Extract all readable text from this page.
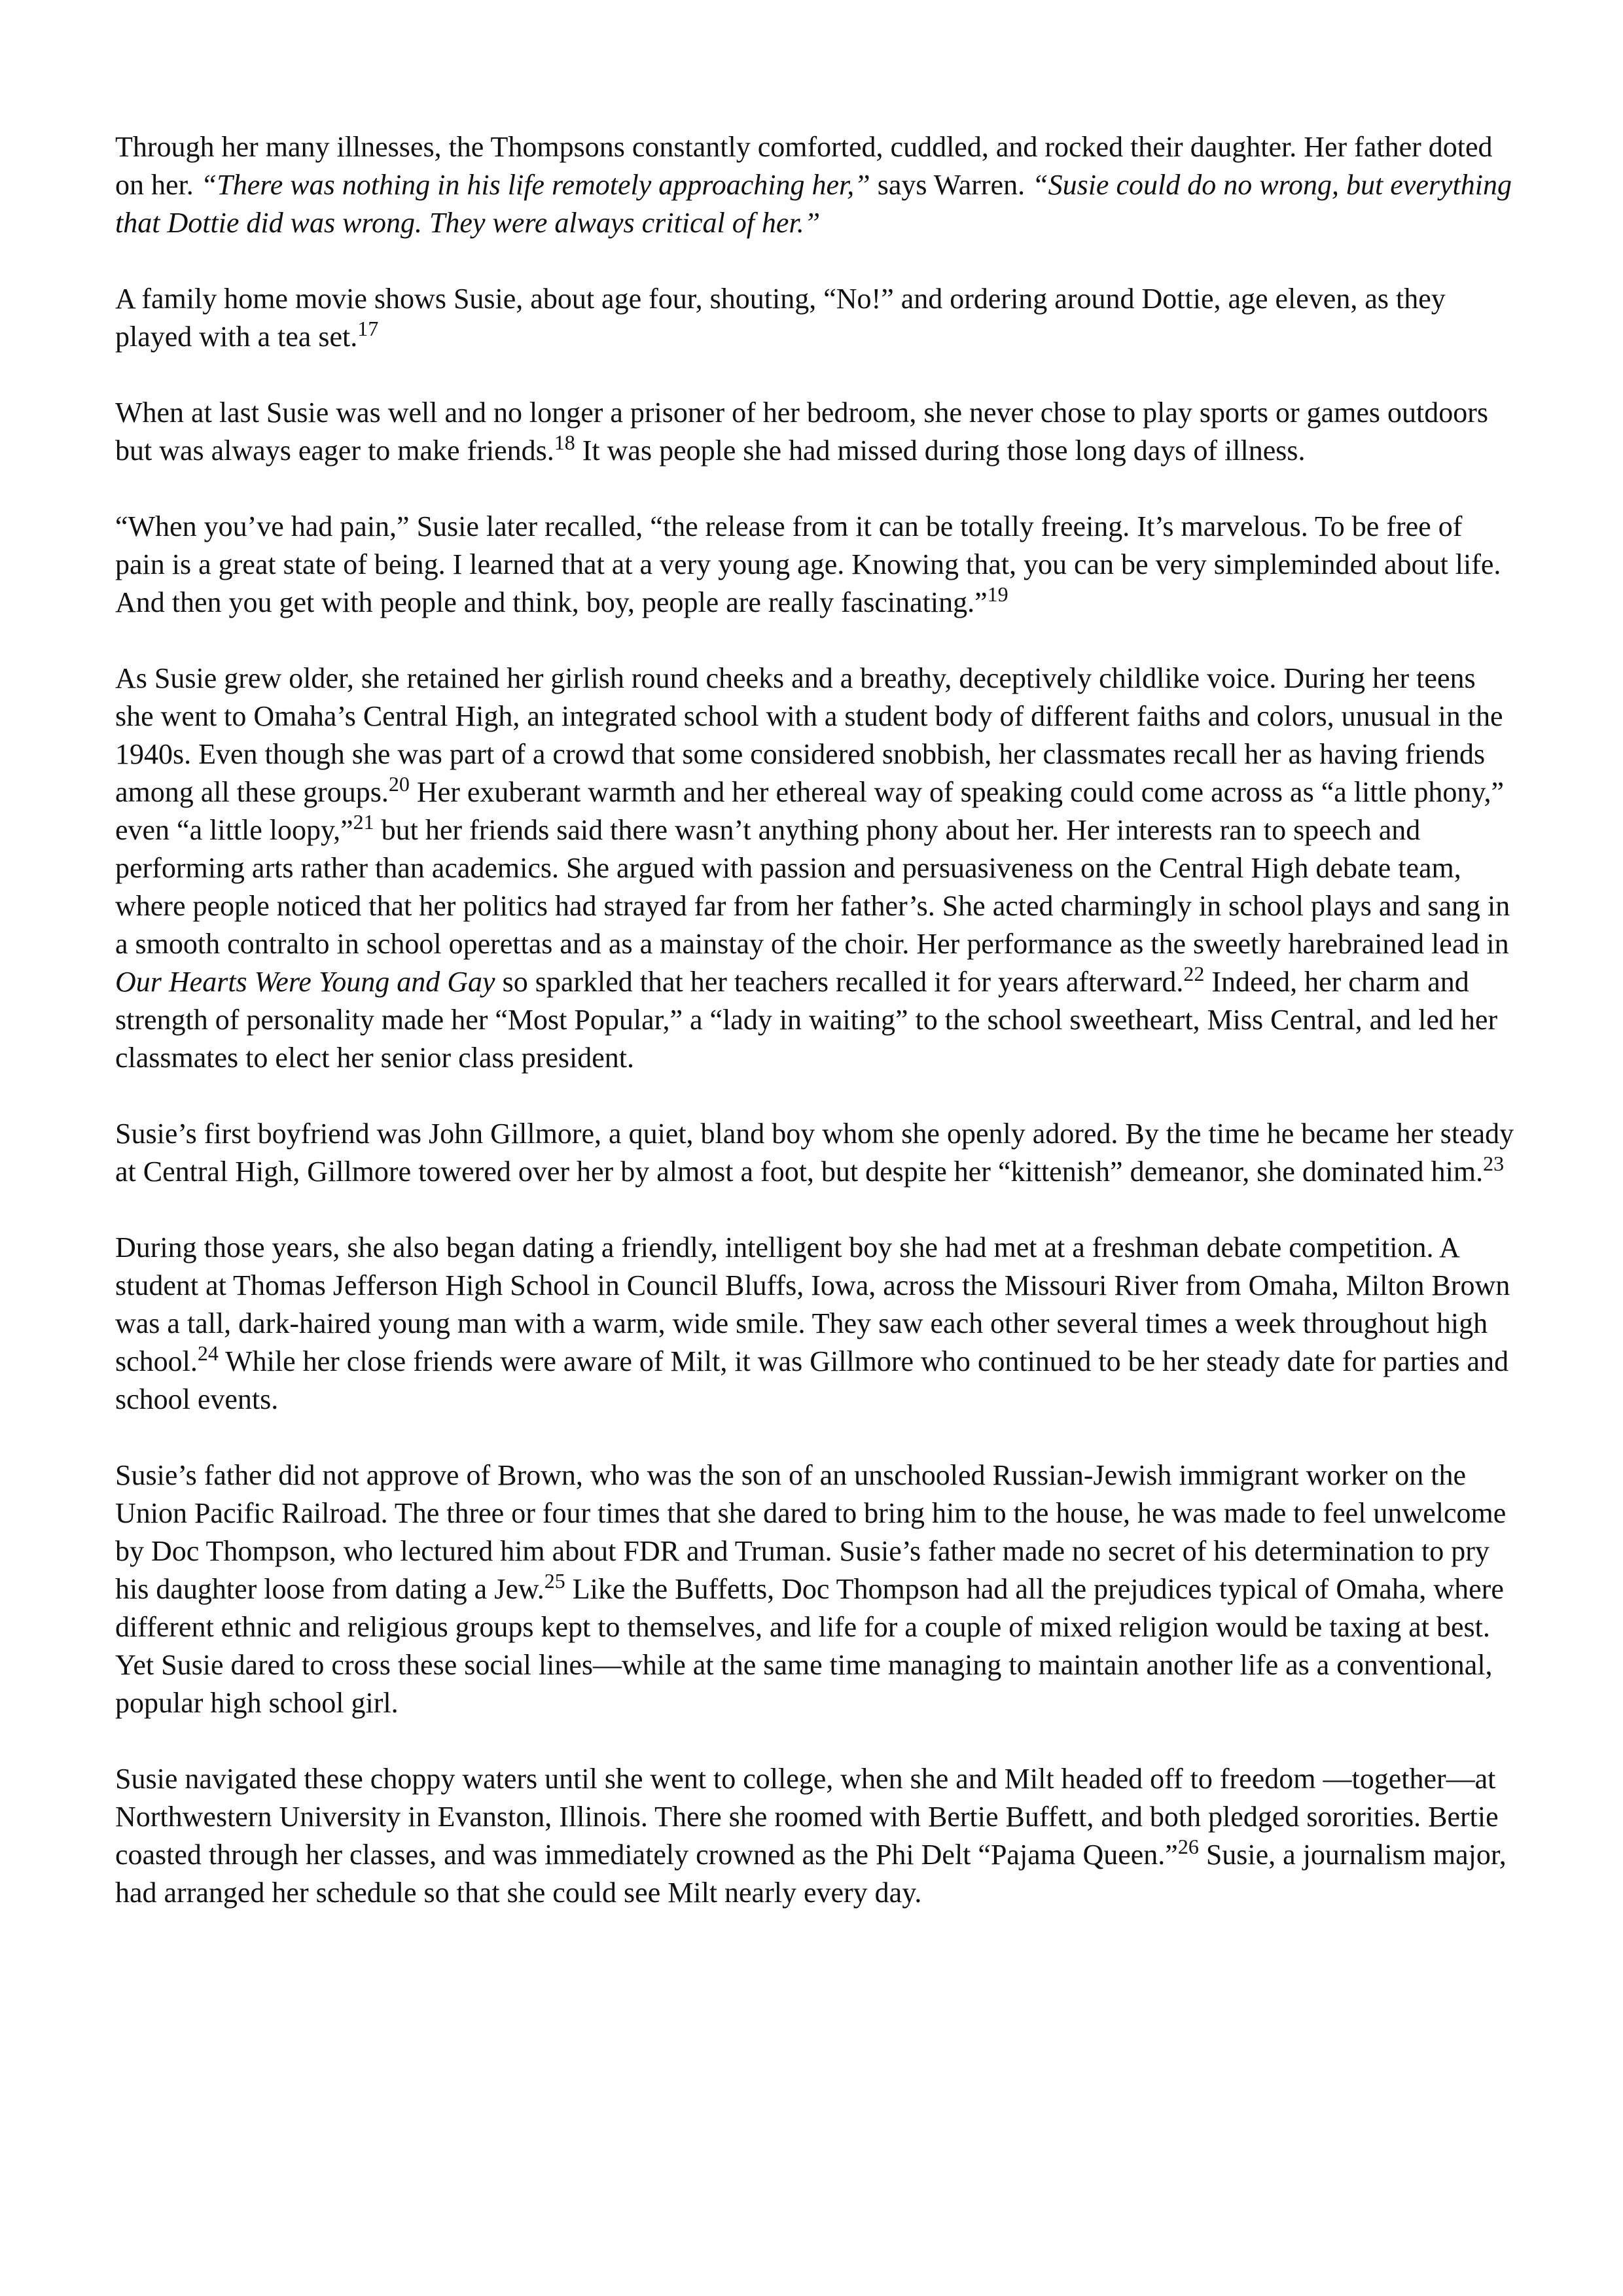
Through her many illnesses, the Thompsons constantly comforted, cuddled, and rocked their daughter. Her father doted on her. “There was nothing in his life remotely approaching her,” says Warren. “Susie could do no wrong, but everything that Dottie did was wrong. They were always critical of her.”

A family home movie shows Susie, about age four, shouting, “No!” and ordering around Dottie, age eleven, as they played with a tea set.$^{17}$

When at last Susie was well and no longer a prisoner of her bedroom, she never chose to play sports or games outdoors but was always eager to make friends.$^{18}$ It was people she had missed during those long days of illness.

“When you’ve had pain,” Susie later recalled, “the release from it can be totally freeing. It’s marvelous. To be free of pain is a great state of being. I learned that at a very young age. Knowing that, you can be very simpleminded about life. And then you get with people and think, boy, people are really fascinating.”$^{19}$

As Susie grew older, she retained her girlish round cheeks and a breathy, deceptively childlike voice. During her teens she went to Omaha’s Central High, an integrated school with a student body of different faiths and colors, unusual in the 1940s. Even though she was part of a crowd that some considered snobbish, her classmates recall her as having friends among all these groups.$^{20}$ Her exuberant warmth and her ethereal way of speaking could come across as “a little phony,” even “a little loopy,”$^{21}$ but her friends said there wasn’t anything phony about her. Her interests ran to speech and performing arts rather than academics. She argued with passion and persuasiveness on the Central High debate team, where people noticed that her politics had strayed far from her father’s. She acted charmingly in school plays and sang in a smooth contralto in school operettas and as a mainstay of the choir. Her performance as the sweetly harebrained lead in Our Hearts Were Young and Gay so sparkled that her teachers recalled it for years afterward.$^{22}$ Indeed, her charm and strength of personality made her “Most Popular,” a “lady in waiting” to the school sweetheart, Miss Central, and led her classmates to elect her senior class president.

Susie’s first boyfriend was John Gillmore, a quiet, bland boy whom she openly adored. By the time he became her steady at Central High, Gillmore towered over her by almost a foot, but despite her “kittenish” demeanor, she dominated him.$^{23}$

During those years, she also began dating a friendly, intelligent boy she had met at a freshman debate competition. A student at Thomas Jefferson High School in Council Bluffs, Iowa, across the Missouri River from Omaha, Milton Brown was a tall, dark-haired young man with a warm, wide smile. They saw each other several times a week throughout high school.$^{24}$ While her close friends were aware of Milt, it was Gillmore who continued to be her steady date for parties and school events.

Susie’s father did not approve of Brown, who was the son of an unschooled Russian-Jewish immigrant worker on the Union Pacific Railroad. The three or four times that she dared to bring him to the house, he was made to feel unwelcome by Doc Thompson, who lectured him about FDR and Truman. Susie’s father made no secret of his determination to pry his daughter loose from dating a Jew.$^{25}$ Like the Buffetts, Doc Thompson had all the prejudices typical of Omaha, where different ethnic and religious groups kept to themselves, and life for a couple of mixed religion would be taxing at best. Yet Susie dared to cross these social lines—while at the same time managing to maintain another life as a conventional, popular high school girl.

Susie navigated these choppy waters until she went to college, when she and Milt headed off to freedom —together—at Northwestern University in Evanston, Illinois. There she roomed with Bertie Buffett, and both pledged sororities. Bertie coasted through her classes, and was immediately crowned as the Phi Delt “Pajama Queen.”$^{26}$ Susie, a journalism major, had arranged her schedule so that she could see Milt nearly every day.
